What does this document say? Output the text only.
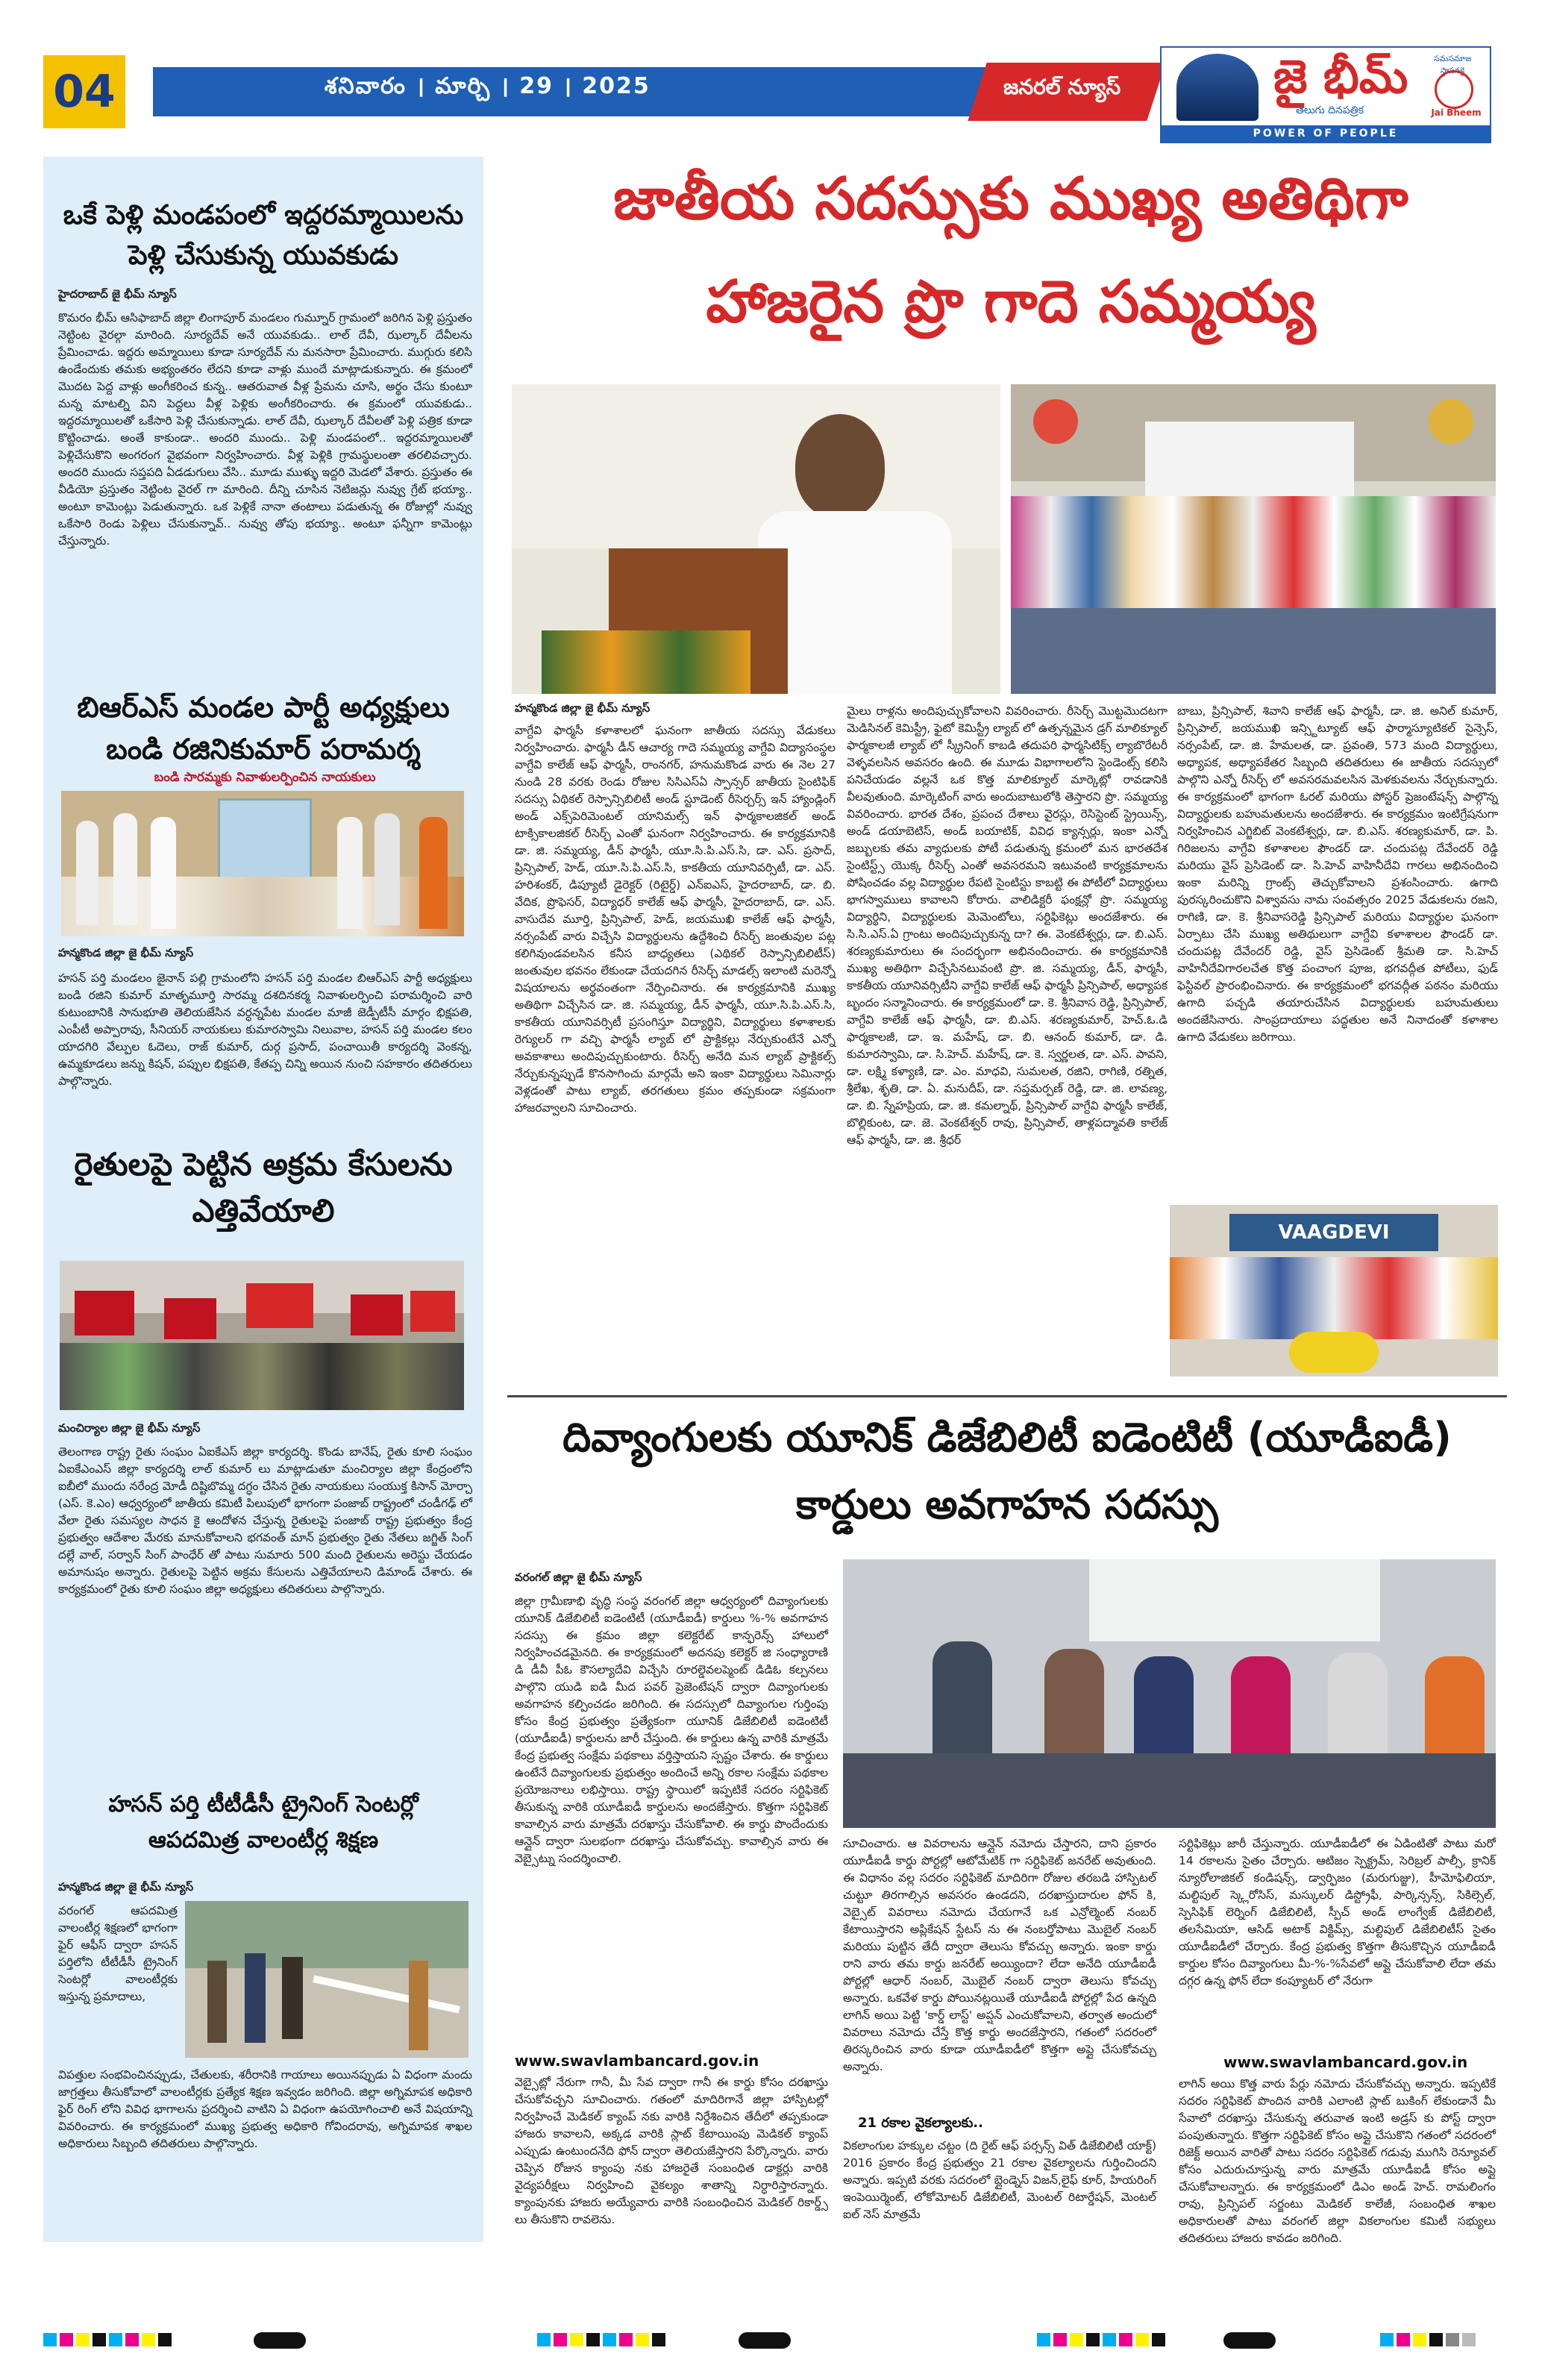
04	శనివారం । మార్చి । 29 । 2025	జనరల్ న్యూస్	జై భీమ్
తెలుగు దినపత్రిక
సమసమాజ స్థాపనకై
Jai Bheem
POWER OF PEOPLE
ఒకే పెళ్లి మండపంలో ఇద్దరమ్మాయిలను పెళ్లి చేసుకున్న యువకుడు
హైదరాబాద్ జై భీమ్ న్యూస్
కొమరం భీమ్ ఆసిఫాబాద్ జిల్లా లింగాపూర్ మండలం గుమ్నూర్ గ్రామంలో జరిగిన పెళ్లి ప్రస్తుతం నెట్టింట వైరల్గా మారింది. సూర్యదేవ్ అనే యువకుడు.. లాల్ దేవీ, ఝల్కార్ దేవీలను ప్రేమించాడు. ఇద్దరు అమ్మాయిలు కూడా సూర్యదేవ్ ను మనసారా ప్రేమించారు. ముగ్గురు కలిసి ఉండేందుకు తమకు అభ్యంతరం లేదని కూడా వాళ్లు ముందే మాట్లాడుకున్నారు. ఈ క్రమంలో మొదట పెద్ద వాళ్లు అంగీకరించ కున్న.. ఆతరువాత వీళ్ల ప్రేమను చూసి, అర్థం చేసు కుంటూ మన్న మాటల్ని విని పెద్దలు వీళ్ల పెళ్లికు అంగీకరించారు. ఈ క్రమంలో యువకుడు.. ఇద్దరమ్మాయిలతో ఒకేసారి పెళ్లి చేసుకున్నాడు. లాల్ దేవీ, ఝల్కార్ దేవీలతో పెళ్లి పత్రిక కూడా కొట్టించాడు. అంతే కాకుండా.. అందరి ముందు.. పెళ్లి మండపంలో.. ఇద్దరమ్మాయిలతో పెళ్లిచేసుకొని అంగరంగ వైభవంగా నిర్వహించారు. వీళ్ల పెళ్లికి గ్రామస్థులంతా తరలివచ్చారు. అందరి ముందు సప్తపది ఏడడుగులు వేసి.. మూడు ముళ్ళు ఇద్దరి మెడలో వేశారు. ప్రస్తుతం ఈ వీడియో ప్రస్తుతం నెట్టింట వైరల్ గా మారింది. దీన్ని చూసిన నెటిజన్లు నువ్వు గ్రేట్ భయ్యా.. అంటూ కామెంట్లు పెడుతున్నారు. ఒక పెళ్లికే నానా తంటాలు పడుతున్న ఈ రోజుల్లో నువ్వు ఒకేసారి రెండు పెళ్లిలు చేసుకున్నావ్.. నువ్వు తోపు భయ్యా.. అంటూ ఫన్నీగా కామెంట్లు చేస్తున్నారు.
బిఆర్ఎస్ మండల పార్టీ అధ్యక్షులు బండి రజినికుమార్ పరామర్శ
బండి సారమ్మకు నివాళులర్పించిన నాయకులు
హన్మకొండ జిల్లా జై భీమ్ న్యూస్
హసన్ పర్తి మండలం జైనాన్ పల్లి గ్రామంలోని హసన్ పర్తి మండల బిఆర్ఎస్ పార్టీ అధ్యక్షులు బండి రజిని కుమార్ మాతృమూర్తి సారమ్మ దశదినకర్మ నివాళులర్పించి పరామర్శించి వారి కుటుంబానికి సానుభూతి తెలియజేసిన వర్ధన్నపేట మండల మాజీ జెడ్పీటీసీ మార్గం భిక్షపతి, ఎంపీటీ అప్పారావు, సీనియర్ నాయకులు కుమారస్వామి నిలువాల, హసన్ పర్తి మండల కలం యాదగిరి వేల్పుల ఓదెలు, రాజ్ కుమార్, దుర్గ ప్రసాద్, పంచాయితీ కార్యదర్శి వెంకన్న, ఉమ్మకూడలు జన్ను కిషన్, పప్పుల భిక్షపతి, కేతప్ప చిన్ని అయిన నుంచి సహకారం తదితరులు పాల్గొన్నారు.
రైతులపై పెట్టిన అక్రమ కేసులను ఎత్తివేయాలి
మంచిర్యాల జిల్లా జై భీమ్ న్యూస్
తెలంగాణ రాష్ట్ర రైతు సంఘం ఏఐకేఎస్ జిల్లా కార్యదర్శి. కొండు బానేష్, రైతు కూలి సంఘం ఏఐకేఎంఎస్ జిల్లా కార్యదర్శి లాల్ కుమార్ లు మాట్లాడుతూ మంచిర్యాల జిల్లా కేంద్రంలోని ఐబీలో ముందు నరేంద్ర మోడీ దిష్టిబొమ్మ దగ్ధం చేసిన రైతు నాయకులు సంయుక్త కిసాన్ మోర్చా (ఎస్. కె.ఎం) ఆధ్వర్యంలో జాతీయ కమిటీ పిలుపులో భాగంగా పంజాబ్ రాష్ట్రంలో చండీగఢ్ లో వేలా రైతు సమస్యల సాధన కై ఆందోళన చేస్తున్న రైతులపై పంజాబ్ రాష్ట్ర ప్రభుత్వం కేంద్ర ప్రభుత్వం ఆదేశాల మేరకు మానుకోవాలని భగవంత్ మాన్ ప్రభుత్వం రైతు నేతలు జగ్జిత్ సింగ్ దల్లే వాల్, సర్వాన్ సింగ్ పాంధేర్ తో పాటు సుమారు 500 మంది రైతులను అరెస్టు చేయడం అమానుషం అన్నారు. రైతులపై పెట్టిన అక్రమ కేసులను ఎత్తివేయాలని డిమాండ్ చేశారు. ఈ కార్యక్రమంలో రైతు కూలి సంఘం జిల్లా అధ్యక్షులు తదితరులు పాల్గొన్నారు.
హసన్ పర్తి టీటీడీసీ ట్రైనింగ్ సెంటర్లో ఆపదమిత్ర వాలంటీర్ల శిక్షణ
హన్మకొండ జిల్లా జై భీమ్ న్యూస్
వరంగల్ ఆపదమిత్ర వాలంటీర్ల శిక్షణలో భాగంగా ఫైర్ ఆఫీస్ ద్వారా హసన్ పర్తిలోని టీటీడీసీ ట్రైనింగ్ సెంటర్లో వాలంటీర్లకు ఇస్తున్న ప్రమాదాలు,
విపత్తుల సంభవించినప్పుడు, చేతులకు, శరీరానికి గాయాలు అయినప్పుడు ఏ విధంగా మందు జాగ్రత్తలు తీసుకోవాలో వాలంటీర్లకు ప్రత్యేక శిక్షణ ఇవ్వడం జరిగింది. జిల్లా అగ్నిమాపక అధికారి ఫైర్ రింగ్ లోని వివిధ భాగాలను ప్రదర్శించి వాటిని ఏ విధంగా ఉపయోగించాలి అనే విషయాన్ని వివరించారు. ఈ కార్యక్రమంలో ముఖ్య ప్రభుత్వ అధికారి గోవిందరావు, అగ్నిమాపక శాఖల అధికారులు సిబ్బంది తదితరులు పాల్గొన్నారు.
జాతీయ సదస్సుకు ముఖ్య అతిథిగా
హాజరైన ప్రొ గాదె సమ్మయ్య
హన్మకొండ జిల్లా జై భీమ్ న్యూస్
వాగ్దేవి ఫార్మసీ కళాశాలలో ఘనంగా జాతీయ సదస్సు వేడుకలు నిర్వహించారు. ఫార్మసీ డీన్ ఆచార్య గాదె సమ్మయ్య వాగ్దేవి విద్యాసంస్థల వాగ్దేవి కాలేజ్ ఆఫ్ ఫార్మసీ, రాంనగర్, హనుమకొండ వారు ఈ నెల 27 నుండి 28 వరకు రెండు రోజుల సిసిఎస్‌ఏ స్పాన్సర్ జాతీయ సైంటిఫిక్ సదస్సు ఏథికల్ రెస్పాన్సిబిలిటీ అండ్ స్టూడెంట్ రీసెర్చర్స్ ఇన్ హ్యాండ్లింగ్ అండ్ ఎక్స్‌పెరిమెంటల్ యానిమల్స్ ఇన్ ఫార్మకాలజికల్ అండ్ టాక్సికాలజికల్ రీసెర్చ్ ఎంతో ఘనంగా నిర్వహించారు. ఈ కార్యక్రమానికి డా. జి. సమ్మయ్య, డీన్ ఫార్మసీ, యూ.సి.పి.ఎస్.సి, డా. ఎస్. ప్రసాద్, ప్రిన్సిపాల్, హెడ్, యూ.సి.పి.ఎస్.సి, కాకతీయ యూనివర్సిటీ, డా. ఎస్. హరిశంకర్, డిప్యూటీ డైరెక్టర్ (రిటైర్డ్) ఎన్ఐఎస్, హైదరాబాద్, డా. బి. వేదిక, ప్రొఫెసర్, విద్యాధర్ కాలేజ్ ఆఫ్ ఫార్మసీ, హైదరాబాద్, డా. ఎస్. వాసుదేవ మూర్తి, ప్రిన్సిపాల్, హెడ్, జయముఖి కాలేజ్ ఆఫ్ ఫార్మసీ, నర్సంపేట్ వారు విచ్చేసి విద్యార్థులను ఉద్దేశించి రీసెర్చ్ జంతువుల పట్ల కలిగివుండవలసిన కనీస బాధ్యతలు (ఎథికల్ రెస్పాన్సిబిలిటీస్) జంతువుల భవనం లేకుండా చేయదగిన రీసెర్చ్ మాడల్స్ ఇలాంటి మరెన్నో విషయాలను అర్థవంతంగా నేర్పించినారు. ఈ కార్యక్రమానికి ముఖ్య అతిథిగా విచ్చేసిన డా. జి. సమ్మయ్య, డీన్ ఫార్మసీ, యూ.సి.పి.ఎస్.సి, కాకతీయ యూనివర్సిటీ ప్రసంగిస్తూ విద్యార్థిని, విద్యార్థులు కళాశాలకు రెగ్యులర్ గా వచ్చి ఫార్మసీ ల్యాబ్ లో ప్రాక్టికల్లు నేర్చుకుంటేనే ఎన్నో అవకాశాలు అందిపుచ్చుకుంటారు. రీసెర్చ్ అనేది మన ల్యాబ్ ప్రాక్టికల్స్ నేర్చుకున్నప్పుడే కొనసాగించు మార్గమే అని ఇంకా విద్యార్థులు సెమినార్లు వెళ్లడంతో పాటు ల్యాబ్, తరగతులు క్రమం తప్పకుండా సక్రమంగా హాజరవ్వాలని సూచించారు.
మైలు రాళ్లను అందిపుచ్చుకోవాలని వివరించారు. రీసెర్చ్ మొట్టమొదటగా మెడిసినల్ కెమిస్ట్రీ, ఫైటో కెమిస్ట్రీ ల్యాబ్ లో ఉత్పన్నమైన డ్రగ్ మాలిక్యూల్ ఫార్మకాలజీ ల్యాబ్ లో స్క్రీనింగ్ కాబడి తదుపరి ఫార్మసిటిక్స్ ల్యాబొరేటరీ వెళ్ళవలసిన అవసరం ఉంది. ఈ మూడు విభాగాలలోని స్టెండెంట్స్ కలిసి పనిచేయడం వల్లనే ఒక కొత్త మాలిక్యూల్ మార్కెట్లో రావడానికి వీలవుతుంది. మార్కెటింగ్ వారు అందుబాటులోకి తెస్తారని ప్రొ. సమ్మయ్య వివరించారు. భారత దేశం, ప్రపంచ దేశాలు వైరస్లు, రెసిస్టెంట్ స్ట్రెయిన్స్, అండ్ డయాబెటిస్, అండ్ బయాటిక్, వివిధ క్యాన్సర్లు, ఇంకా ఎన్నో జబ్బులకు తమ వ్యాధులకు పోటీ పడుతున్న క్రమంలో మన భారతదేశ సైంటిస్ట్స్ యొక్క రీసెర్చ్ ఎంతో అవసరమని ఇటువంటి కార్యక్రమాలను పోషించడం వల్ల విద్యార్థుల రేపటి సైంటిస్టు కాబట్టి ఈ పోటీలో విద్యార్థులు భాగస్వాములు కావాలని కోరారు. వాలిడిక్టరీ ఫంక్షన్లో ప్రొ. సమ్మయ్య విద్యార్థిని, విద్యార్థులకు మెమెంటోలు, సర్టిఫికెట్లు అందజేశారు. ఈ సి.సి.ఎస్.ఏ గ్రాంటు అందిపుచ్చుకున్న దా? ఈ. వెంకటేశ్వర్లు, డా. బి.ఎస్. శరణ్యకుమారులు ఈ సందర్భంగా అభినందించారు. ఈ కార్యక్రమానికి ముఖ్య అతిథిగా విచ్చేసినటువంటి ప్రొ. జి. సమ్మయ్య, డీన్, ఫార్మసీ, కాకతీయ యూనివర్సిటీని వాగ్దేవి కాలేజ్ ఆఫ్ ఫార్మసీ ప్రిన్సిపాల్, అధ్యాపక బృందం సన్మానించారు. ఈ కార్యక్రమంలో డా. కె. శ్రీనివాస రెడ్డి, ప్రిన్సిపాల్, వాగ్దేవి కాలేజ్ ఆఫ్ ఫార్మసీ, డా. బి.ఎస్. శరణ్యకుమార్, హెచ్.ఓ.డి ఫార్మకాలజీ, డా. ఇ. మహేష్, డా. బి. ఆనంద్ కుమార్, డా. డి. కుమారస్వామి, డా. సి.హెచ్. మహేష్, డా. కె. స్వర్ణలత, డా. ఎస్. పావని, డా. లక్ష్మి కళ్యాణి, డా. ఎం. మాధవి, సుమలత, రజిని, రాగిణి, రత్నిత, శ్రీలేఖ, శృతి, డా. ఏ. మనుదీప్, డా. సప్తమర్పణ్ రెడ్డి, డా. జి. లావణ్య, డా. బి. స్నేహప్రియ, డా. జి. కమల్నాథ్, ప్రిన్సిపాల్ వాగ్దేవి ఫార్మసీ కాలేజ్, బొల్లికుంట, డా. జె. వెంకటేశ్వర్ రావు, ప్రిన్సిపాల్, తాళ్లపద్మావతి కాలేజ్ ఆఫ్ ఫార్మసీ, డా. జి. శ్రీధర్
బాబు, ప్రిన్సిపాల్, శివాని కాలేజ్ ఆఫ్ ఫార్మసీ, డా. జి. అనిల్ కుమార్, ప్రిన్సిపాల్, జయముఖి ఇన్స్టిట్యూట్ ఆఫ్ ఫార్మాస్యూటికల్ సైన్సెస్, నర్సంపేట్, డా. జి. హేమలత, డా. ప్రవంతి, 573 మంది విద్యార్థులు, అధ్యాపక, అధ్యాపకేతర సిబ్బంది తదితరులు ఈ జాతీయ సదస్సులో పాల్గొని ఎన్నో రీసెర్చ్ లో అవసరమవలసిన మెళకువలను నేర్చుకున్నారు. ఈ కార్యక్రమంలో భాగంగా ఓరల్ మరియు పోస్టర్ ప్రెజంటేషన్స్ పాల్గొన్న విద్యార్థులకు బహుమతులను అందజేశారు. ఈ కార్యక్రమం ఇంటిగ్రేషనుగా నిర్వహించిన ఎగ్జిబిట్ వెంకటేశ్వర్లు, డా. బి.ఎస్. శరణ్యకుమార్, డా. పి. గిరిజలను వాగ్దేవి కళాశాలల ఫౌండర్ డా. చందుపట్ల దేవేందర్ రెడ్డి మరియు వైస్ ప్రెసిడెంట్ డా. సి.హెచ్ వాహినీదేవి గారలు అభినందించి ఇంకా మరిన్ని గ్రాంట్స్ తెచ్చుకోవాలని ప్రశంసించారు. ఉగాది పురస్కరించుకొని విశ్వావసు నామ సంవత్సరం 2025 వేడుకలను రజని, రాగిణి, డా. కె. శ్రీనివాసరెడ్డి ప్రిన్సిపాల్ మరియు విద్యార్థుల ఘనంగా ఏర్పాటు చేసి ముఖ్య అతిథులుగా వాగ్దేవి కళాశాలల ఫౌండర్ డా. చందుపట్ల దేవేందర్ రెడ్డి, వైస్ ప్రెసిడెంట్ శ్రీమతి డా. సి.హెచ్ వాహినీదేవిగారలచేత కొత్త పంచాంగ పూజ, భగవద్గీత పోటీలు, ఫుడ్ ఫెస్టివల్ ప్రారంభించినారు. ఈ కార్యక్రమంలో భగవద్గీత పఠనం మరియు ఉగాది పచ్చడి తయారుచేసిన విద్యార్థులకు బహుమతులు అందజేసినారు. సాంప్రదాయాలు పద్ధతుల అనే నినాదంతో కళాశాల ఉగాది వేడుకలు జరిగాయి.
VAAGDEVI
దివ్యాంగులకు యూనిక్ డిజేబిలిటీ ఐడెంటిటీ (యూడీఐడీ)
కార్డులు అవగాహన సదస్సు
వరంగల్ జిల్లా జై భీమ్ న్యూస్
జిల్లా గ్రామీణాభి వృద్ధి సంస్థ వరంగల్ జిల్లా ఆధ్వర్యంలో దివ్యాంగులకు యూనిక్ డిజేబిలిటీ ఐడెంటిటీ (యూడీఐడీ) కార్డులు %-% అవగాహన సదస్సు ఈ క్రమం జిల్లా కలెక్టరేట్ కాన్ఫరెన్స్ హాలులో నిర్వహించడమైనది. ఈ కార్యక్రమంలో అదనపు కలెక్టర్ జి సంధ్యారాణి డి డీవీ పీఓ కౌసల్యాదేవి విచ్చేసి రూరల్డెవలప్మెంట్ డిడిఓ కల్పనలు పాల్గొని యుడి ఐడి మీద పవర్ ప్రెజెంటేషన్ ద్వారా దివ్యాంగులకు అవగాహన కల్పించడం జరిగింది. ఈ సదస్సులో దివ్యాంగుల గుర్తింపు కోసం కేంద్ర ప్రభుత్వం ప్రత్యేకంగా యూనిక్ డిజేబిలిటీ ఐడెంటిటీ (యూడీఐడీ) కార్డులను జారీ చేస్తుంది. ఈ కార్డులు ఉన్న వారికి మాత్రమే కేంద్ర ప్రభుత్వ సంక్షేమ పథకాలు వర్తిస్తాయని స్పష్టం చేశారు. ఈ కార్డులు ఉంటేనే దివ్యాంగులకు ప్రభుత్వం అందించే అన్ని రకాల సంక్షేమ పథకాల ప్రయోజనాలు లభిస్తాయి. రాష్ట్ర స్థాయిలో ఇప్పటికే సదరం సర్టిఫికెట్ తీసుకున్న వారికి యూడీఐడీ కార్డులను అందజేస్తారు. కొత్తగా సర్టిఫికెట్ కావాల్సిన వారు మాత్రమే దరఖాస్తు చేసుకోవాలి. ఈ కార్డు పొందేందుకు ఆన్లైన్ ద్వారా సులభంగా దరఖాస్తు చేసుకోవచ్చు. కావాల్సిన వారు ఈ వెబ్సైట్ను సందర్శించాలి.
www.swavlambancard.gov.in
వెబ్సైట్లో నేరుగా గానీ, మీ సేవ ద్వారా గానీ ఈ కార్డు కోసం దరఖాస్తు చేసుకోవచ్చని సూచించారు. గతంలో మాదిరిగానే జిల్లా హాస్పిటల్లో నిర్వహించే మెడికల్ క్యాంప్ నకు వారికి నిర్దేశించిన తేదీలో తప్పకుండా హాజరు కావాలని, అక్కడ వారికి స్లాట్ కేటాయింపు మెడికల్ క్యాంప్ ఎప్పుడు ఉంటుందనేది ఫోన్ ద్వారా తెలియజేస్తారని పేర్కొన్నారు. వారు చెప్పిన రోజున క్యాంపు నకు హాజరైతే సంబంధిత డాక్టర్లు వారికి వైద్యపరీక్షలు నిర్వహించి వైకల్యం శాతాన్ని నిర్ధారిస్తారన్నారు. క్యాంపునకు హాజరు అయ్యేవారు వారికి సంబంధించిన మెడికల్ రికార్డ్స్ లు తీసుకొని రావలెను.
సూచించారు. ఆ వివరాలను ఆన్లైన్ నమోదు చేస్తారని, దాని ప్రకారం యూడీఐడీ కార్డు పోర్టల్లో ఆటోమేటిక్ గా సర్టిఫికెట్ జనరేట్ అవుతుంది. ఈ విధానం వల్ల సదరం సర్టిఫికెట్ మాదిరిగా రోజుల తరబడి హాస్పిటల్ చుట్టూ తిరగాల్సిన అవసరం ఉండదని, దరఖాస్తుదారుల ఫోన్ కి, వెబ్సైట్ వివరాలు నమోదు చేయగానే ఒక ఎన్రోల్మెంట్ నంబర్ కేటాయిస్తారని అప్లికేషన్ స్టేటస్ ను ఈ నంబర్తోపాటు మొబైల్ నంబర్ మరియు పుట్టిన తేదీ ద్వారా తెలుసు కోవచ్చు అన్నారు. ఇంకా కార్డు రాని వారు తమ కార్డు జనరేట్ అయ్యిందా? లేదా అనేది యూడీఐడీ పోర్టల్లో ఆధార్ నంబర్, మొబైల్ నంబర్ ద్వారా తెలుసు కోవచ్చు అన్నారు. ఒకవేళ కార్డు పోయినట్లయితే యూడీఐడీ పోర్టల్లో పేద ఉన్నది లాగిన్ అయి పెట్టి 'కార్డ్ లాస్ట్' అప్షన్ ఎంచుకోవాలని, తర్వాత అందులో వివరాలు నమోదు చేస్తే కొత్త కార్డు అందజేస్తారని, గతంలో సదరంలో తిరస్కరించిన వారు కూడా యూడీఐడీలో కొత్తగా అప్లై చేసుకోవచ్చు అన్నారు.
21 రకాల వైకల్యాలకు..
వికలాంగుల హక్కుల చట్టం (ది రైట్ ఆఫ్ పర్సన్స్ విత్ డిజేబిలిటీ యాక్ట్) 2016 ప్రకారం కేంద్ర ప్రభుత్వం 21 రకాల వైకల్యాలను గుర్తించిందని అన్నారు. ఇప్పటి వరకు సదరంలో బ్లైండ్నెస్ విజన్,లైఫ్ కూర్, హియరింగ్ ఇంపెయిర్మెంట్, లోకోమోటర్ డిజేబిలిటీ, మెంటల్ రిటార్డేషన్, మెంటల్ ఐల్ నెస్ మాత్రమే
సర్టిఫికెట్లు జారీ చేస్తున్నారు. యూడీఐడీలో ఈ ఏడింటితో పాటు మరో 14 రకాలను సైతం చేర్చారు. ఆటిజం స్పెక్ట్రమ్, సెరిబ్రల్ పాల్సీ, క్రానిక్ న్యూరోలాజికల్ కండిషన్స్, డ్వార్ఫిజం (మరుగుజ్జు), హీమోఫిలియా, మల్టిపుల్ స్క్లెరోసిస్, మస్కులర్ డిస్ట్రోఫీ, పార్కిన్సన్స్, సికిల్సెల్, స్పెసిఫిక్ లెర్నింగ్ డిజేబిలిటీ, స్పీచ్ అండ్ లాంగ్వేజ్ డిజేబిలిటీ, తలసేమియా, ఆసిడ్ అటాక్ విక్టిమ్స్, మల్టిపుల్ డిజేబిలిటీస్ సైతం యూడీఐడీలో చేర్చారు. కేంద్ర ప్రభుత్వ కొత్తగా తీసుకొచ్చిన యూడీఐడీ కార్డుల కోసం దివ్యాంగులు మీ-%-%సేవలో అప్లై చేసుకోవాలి లేదా తమ దగ్గర ఉన్న ఫోన్ లేదా కంప్యూటర్ లో నేరుగా
www.swavlambancard.gov.in
లాగిన్ అయి కొత్త వారు పేర్లు నమోదు చేసుకోవచ్చు అన్నారు. ఇప్పటికే సదరం సర్టిఫికెట్ పొందిన వారికి ఎలాంటి స్లాట్ బుకింగ్ లేకుండానే మీ సేవాలో దరఖాస్తు చేసుకున్న తరువాత ఇంటి అడ్రస్ కు పోస్ట్ ద్వారా పంపుతున్నారు. కొత్తగా సర్టిఫికెట్ కోసం అప్లై చేసుకొని గతంలో సదరంలో రిజెక్ట్ అయిన వారితో పాటు సదరం సర్టిఫికెట్ గడువు ముగిసి రెన్యూవల్ కోసం ఎదురుచూస్తున్న వారు మాత్రమే యూడీఐడీ కోసం అప్లై చేసుకోవాలన్నారు. ఈ కార్యక్రమంలో డిఎం అండ్ హెచ్. రామలింగం రావు, ప్రిన్సిపల్ సర్జంటు మెడికల్ కాలేజీ, సంబంధిత శాఖల అధికారులతో పాటు వరంగల్ జిల్లా వికలాంగుల కమిటీ సభ్యులు తదితరులు హాజరు కావడం జరిగింది.
